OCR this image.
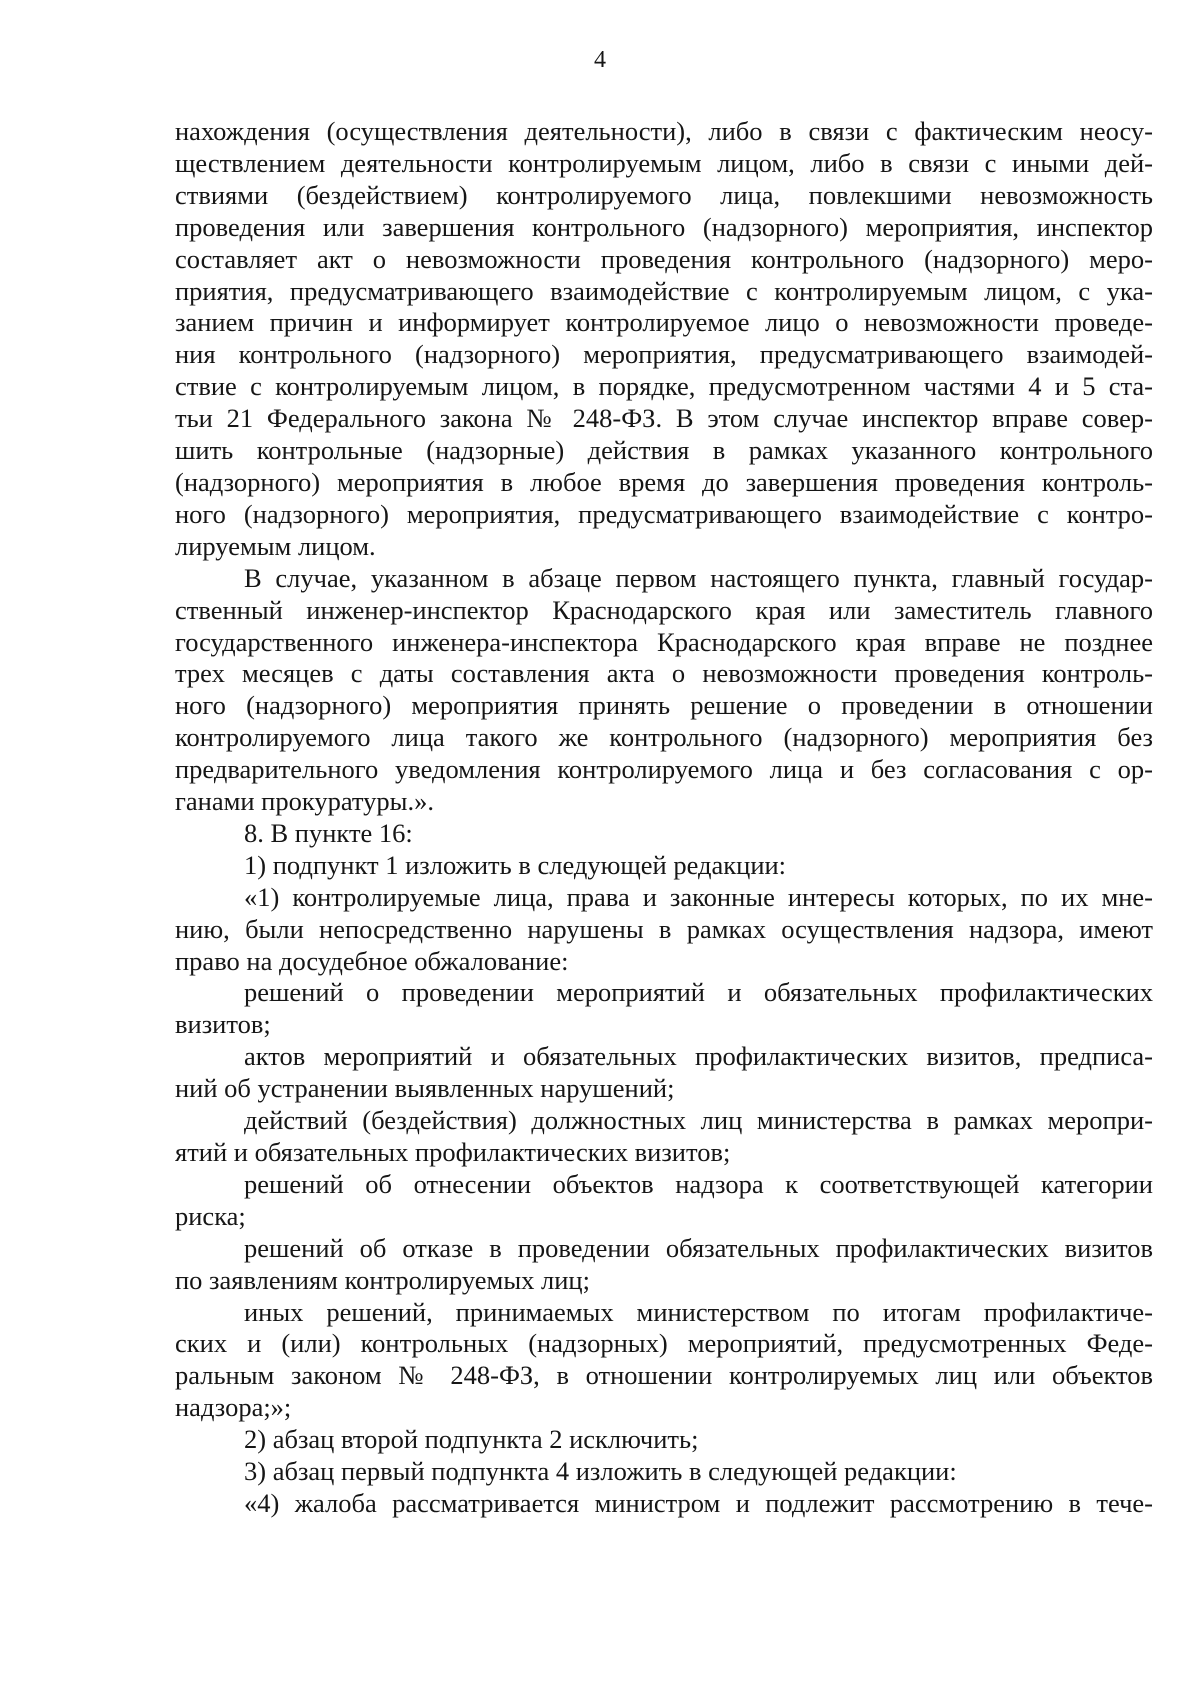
4

нахождения (осуществления деятельности), либо в связи с фактическим неосу-

ществлением деятельности контролируемым лицом, либо в связи с иными дей-

ствиями (бездействием) контролируемого лица, повлекшими невозможность

проведения или завершения контрольного (надзорного) мероприятия, инспектор

составляет акт о невозможности проведения контрольного (надзорного) меро-

приятия, предусматривающего взаимодействие с контролируемым лицом, с ука-

занием причин и информирует контролируемое лицо о невозможности проведе-

ния контрольного (надзорного) мероприятия, предусматривающего взаимодей-

ствие с контролируемым лицом, в порядке, предусмотренном частями 4 и 5 ста-

тьи 21 Федерального закона № 248-ФЗ. В этом случае инспектор вправе совер-

шить контрольные (надзорные) действия в рамках указанного контрольного

(надзорного) мероприятия в любое время до завершения проведения контроль-

ного (надзорного) мероприятия, предусматривающего взаимодействие с контро-

лируемым лицом.

В случае, указанном в абзаце первом настоящего пункта, главный государ-

ственный инженер-инспектор Краснодарского края или заместитель главного

государственного инженера-инспектора Краснодарского края вправе не позднее

трех месяцев с даты составления акта о невозможности проведения контроль-

ного (надзорного) мероприятия принять решение о проведении в отношении

контролируемого лица такого же контрольного (надзорного) мероприятия без

предварительного уведомления контролируемого лица и без согласования с ор-

ганами прокуратуры.».

8. В пункте 16:

1) подпункт 1 изложить в следующей редакции:

«1) контролируемые лица, права и законные интересы которых, по их мне-

нию, были непосредственно нарушены в рамках осуществления надзора, имеют

право на досудебное обжалование:

решений о проведении мероприятий и обязательных профилактических

визитов;

актов мероприятий и обязательных профилактических визитов, предписа-

ний об устранении выявленных нарушений;

действий (бездействия) должностных лиц министерства в рамках меропри-

ятий и обязательных профилактических визитов;

решений об отнесении объектов надзора к соответствующей категории

риска;

решений об отказе в проведении обязательных профилактических визитов

по заявлениям контролируемых лиц;

иных решений, принимаемых министерством по итогам профилактиче-

ских и (или) контрольных (надзорных) мероприятий, предусмотренных Феде-

ральным законом № 248-ФЗ, в отношении контролируемых лиц или объектов

надзора;»;

2) абзац второй подпункта 2 исключить;

3) абзац первый подпункта 4 изложить в следующей редакции:

«4) жалоба рассматривается министром и подлежит рассмотрению в тече-
